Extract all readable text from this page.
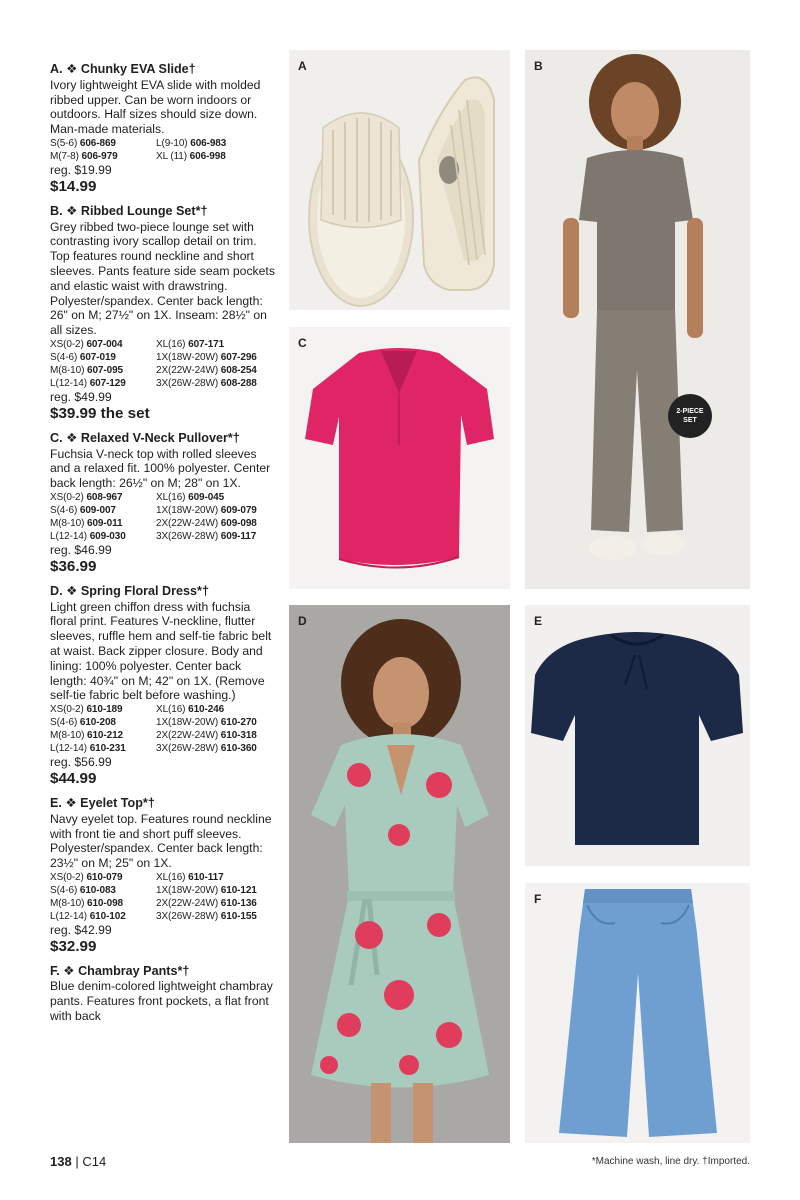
A. ❖ Chunky EVA Slide†
Ivory lightweight EVA slide with molded ribbed upper. Can be worn indoors or outdoors. Half sizes should size down. Man-made materials.
S(5-6) 606-869	L(9-10) 606-983
M(7-8) 606-979	XL (11) 606-998
reg. $19.99
$14.99
B. ❖ Ribbed Lounge Set*†
Grey ribbed two-piece lounge set with contrasting ivory scallop detail on trim. Top features round neckline and short sleeves. Pants feature side seam pockets and elastic waist with drawstring. Polyester/spandex. Center back length: 26" on M; 27½" on 1X. Inseam: 28½" on all sizes.
XS(0-2) 607-004	XL(16) 607-171
S(4-6) 607-019	1X(18W-20W) 607-296
M(8-10) 607-095	2X(22W-24W) 608-254
L(12-14) 607-129	3X(26W-28W) 608-288
reg. $49.99
$39.99 the set
C. ❖ Relaxed V-Neck Pullover*†
Fuchsia V-neck top with rolled sleeves and a relaxed fit. 100% polyester. Center back length: 26½" on M; 28" on 1X.
XS(0-2) 608-967	XL(16) 609-045
S(4-6) 609-007	1X(18W-20W) 609-079
M(8-10) 609-011	2X(22W-24W) 609-098
L(12-14) 609-030	3X(26W-28W) 609-117
reg. $46.99
$36.99
D. ❖ Spring Floral Dress*†
Light green chiffon dress with fuchsia floral print. Features V-neckline, flutter sleeves, ruffle hem and self-tie fabric belt at waist. Back zipper closure. Body and lining: 100% polyester. Center back length: 40¾" on M; 42" on 1X. (Remove self-tie fabric belt before washing.)
XS(0-2) 610-189	XL(16) 610-246
S(4-6) 610-208	1X(18W-20W) 610-270
M(8-10) 610-212	2X(22W-24W) 610-318
L(12-14) 610-231	3X(26W-28W) 610-360
reg. $56.99
$44.99
E. ❖ Eyelet Top*†
Navy eyelet top. Features round neckline with front tie and short puff sleeves. Polyester/spandex. Center back length: 23½" on M; 25" on 1X.
XS(0-2) 610-079	XL(16) 610-117
S(4-6) 610-083	1X(18W-20W) 610-121
M(8-10) 610-098	2X(22W-24W) 610-136
L(12-14) 610-102	3X(26W-28W) 610-155
reg. $42.99
$32.99
F. ❖ Chambray Pants*†
Blue denim-colored lightweight chambray pants. Features front pockets, a flat front with back
A	B
2-PIECE
SET
C
D	E
F
138 | C14	*Machine wash, line dry. †Imported.
